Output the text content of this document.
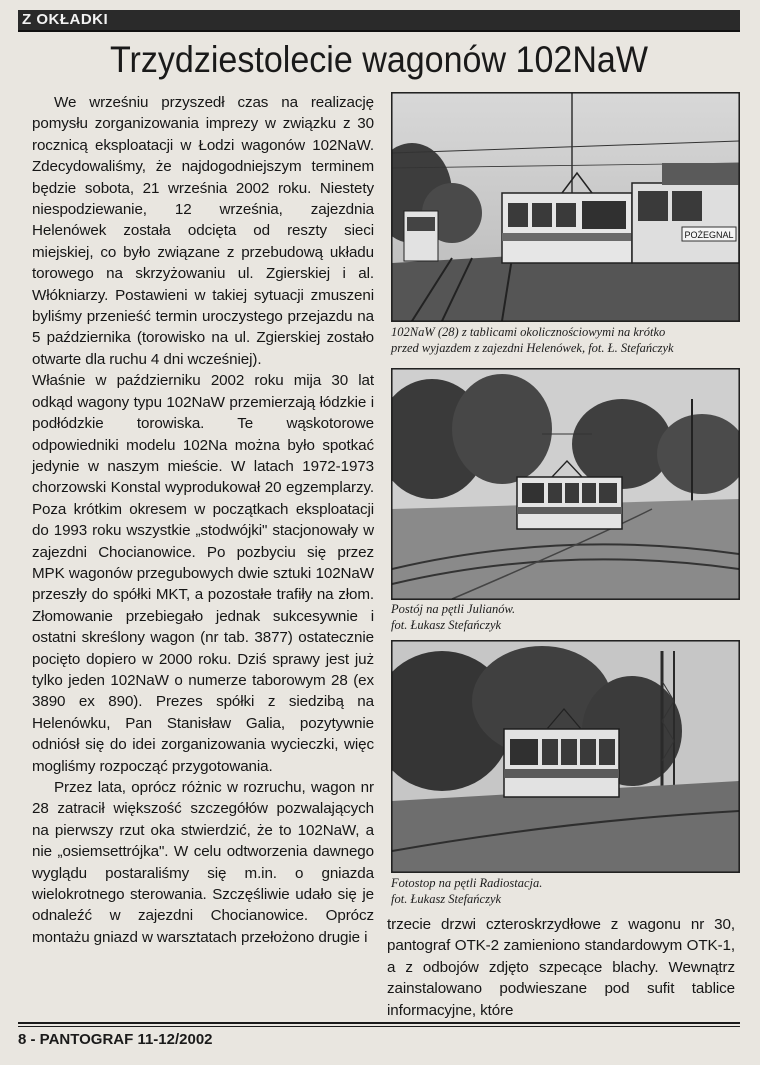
Z OKŁADKI
Trzydziestolecie wagonów 102NaW

We wrześniu przyszedł czas na realizację pomysłu zorganizowania imprezy w związku z 30 rocznicą eksploatacji w Łodzi wagonów 102NaW. Zdecydowaliśmy, że najdogodniejszym terminem będzie sobota, 21 września 2002 roku. Niestety niespodziewanie, 12 września, zajezdnia Helenówek została odcięta od reszty sieci miejskiej, co było związane z przebudową układu torowego na skrzyżowaniu ul. Zgierskiej i al. Włókniarzy. Postawieni w takiej sytuacji zmuszeni byliśmy przenieść termin uroczystego przejazdu na 5 października (torowisko na ul. Zgierskiej zostało otwarte dla ruchu 4 dni wcześniej).

Właśnie w październiku 2002 roku mija 30 lat odkąd wagony typu 102NaW przemierzają łódzkie i podłódzkie torowiska. Te wąskotorowe odpowiedniki modelu 102Na można było spotkać jedynie w naszym mieście. W latach 1972-1973 chorzowski Konstal wyprodukował 20 egzemplarzy. Poza krótkim okresem w początkach eksploatacji do 1993 roku wszystkie „stodwójki" stacjonowały w zajezdni Chocianowice. Po pozbyciu się przez MPK wagonów przegubowych dwie sztuki 102NaW przeszły do spółki MKT, a pozostałe trafiły na złom. Złomowanie przebiegało jednak sukcesywnie i ostatni skreślony wagon (nr tab. 3877) ostatecznie pocięto dopiero w 2000 roku. Dziś sprawy jest już tylko jeden 102NaW o numerze taborowym 28 (ex 3890 ex 890). Prezes spółki z siedzibą na Helenówku, Pan Stanisław Galia, pozytywnie odniósł się do idei zorganizowania wycieczki, więc mogliśmy rozpocząć przygotowania.

Przez lata, oprócz różnic w rozruchu, wagon nr 28 zatracił większość szczegółów pozwalających na pierwszy rzut oka stwierdzić, że to 102NaW, a nie „osiemsettrójka". W celu odtworzenia dawnego wyglądu postaraliśmy się m.in. o gniazda wielokrotnego sterowania. Szczęśliwie udało się je odnaleźć w zajezdni Chocianowice. Oprócz montażu gniazd w warsztatach przełożono drugie i

POŻEGNAL
102NaW (28) z tablicami okolicznościowymi na krótko
przed wyjazdem z zajezdni Helenówek, fot. Ł. Stefańczyk
Postój na pętli Julianów.
fot. Łukasz Stefańczyk
Fotostop na pętli Radiostacja.
fot. Łukasz Stefańczyk

trzecie drzwi czteroskrzydłowe z wagonu nr 30, pantograf OTK-2 zamieniono standardowym OTK-1, a z odbojów zdjęto szpecące blachy. Wewnątrz zainstalowano podwieszane pod sufit tablice informacyjne, które

8 - PANTOGRAF 11-12/2002
